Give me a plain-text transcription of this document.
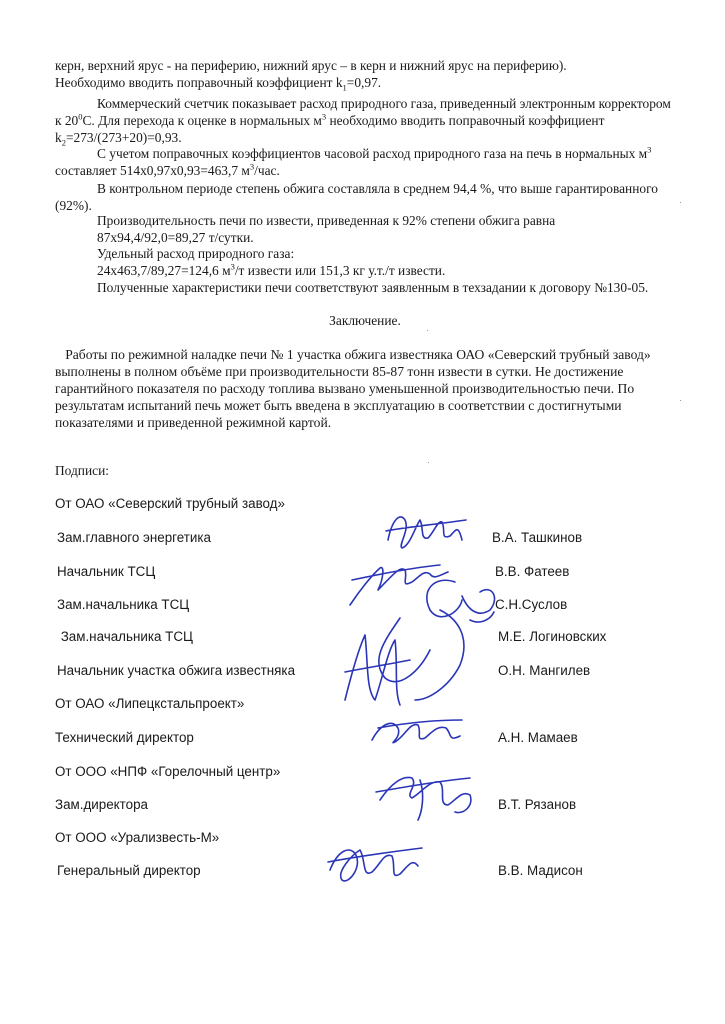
керн, верхний ярус - на периферию, нижний ярус – в керн и нижний ярус на периферию).

Необходимо вводить поправочный коэффициент $k_1=0,97$.

Коммерческий счетчик показывает расход природного газа, приведенный электронным корректором к $20^0С$. Для перехода к оценке в нормальных $м^3$ необходимо вводить поправочный коэффициент $k_2=273/(273+20)=0,93$.

С учетом поправочных коэффициентов часовой расход природного газа на печь в нормальных $м^3$ составляет 514х0,97х0,93=463,7 $м^3$/час.

В контрольном периоде степень обжига составляла в среднем 94,4 %, что выше гарантированного (92%).

Производительность печи по извести, приведенная к 92% степени обжига равна

87х94,4/92,0=89,27 т/сутки.

Удельный расход природного газа:

24х463,7/89,27=124,6 $м^3/т$ извести или 151,3 кг у.т./т извести.

Полученные характеристики печи соответствуют заявленным в техзадании к договору №130-05.

Заключение.

Работы по режимной наладке печи № 1 участка обжига известняка ОАО «Северский трубный завод» выполнены в полном объёме при производительности 85-87 тонн извести в сутки. Не достижение гарантийного показателя по расходу топлива вызвано уменьшенной производительностью печи. По результатам испытаний печь может быть введена в эксплуатацию в соответствии с достигнутыми показателями и приведенной режимной картой.

Подписи:
От ОАО «Северский трубный завод»
Зам.главного энергетика	В.А. Ташкинов
Начальник ТСЦ	В.В. Фатеев
Зам.начальника ТСЦ	С.Н.Суслов
Зам.начальника ТСЦ	М.Е. Логиновских
Начальник участка обжига известняка	О.Н. Мангилев
От ОАО «Липецкстальпроект»
Технический директор	А.Н. Мамаев
От ООО «НПФ «Горелочный центр»
Зам.директора	В.Т. Рязанов
От ООО «Урализвесть-М»
Генеральный директор	В.В. Мадисон
